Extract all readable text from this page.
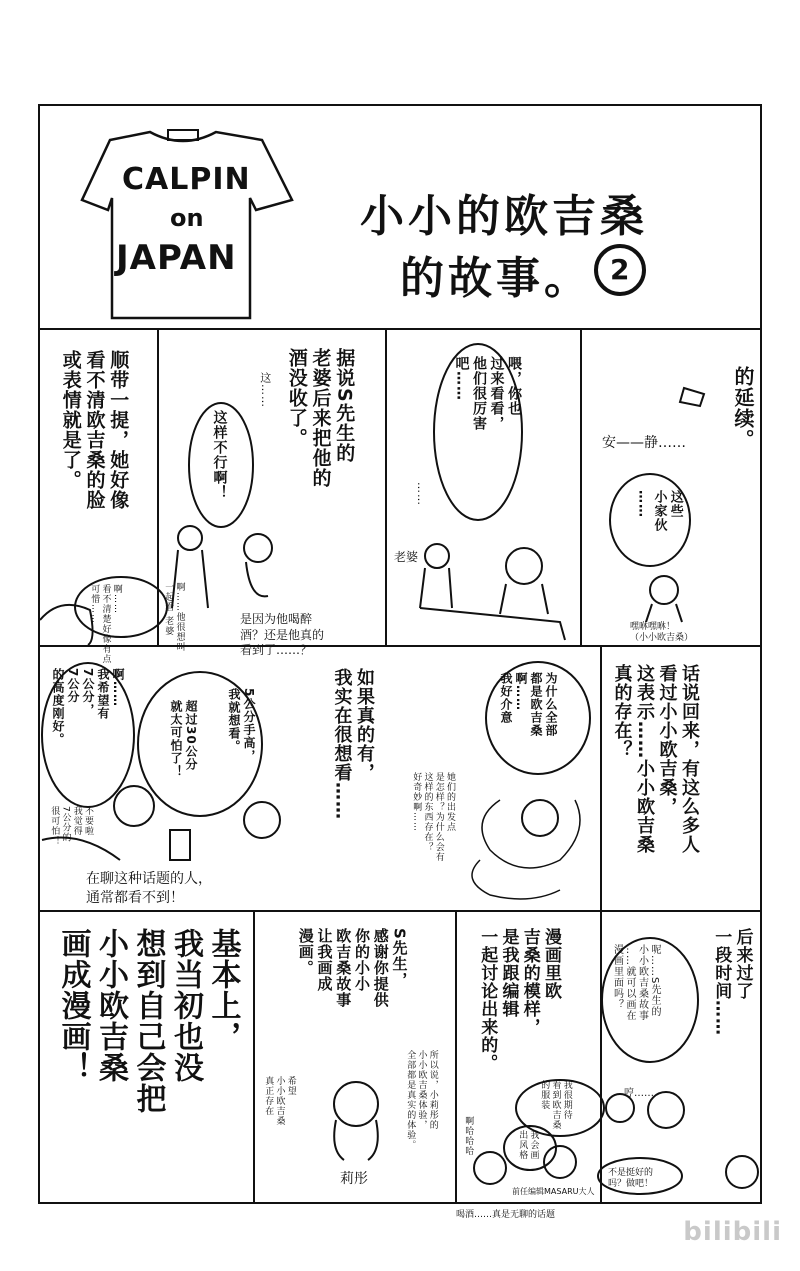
CALPIN
on
JAPAN
小小的欧吉桑
的故事。 2
顺带一提，她好像
看不清欧吉桑的脸
或表情就是了。
啊……
看不清楚好像有点
可惜……
据说S先生的
老婆后来把他的
酒没收了。
这样不行啊！
这……
啊……他很想叫
一起看 老婆	是因为他喝醉
酒？还是他真的
看到了……？
喂，你也
过来看看，
他们很厉害
吧……
……
老婆
的延续。
安——静……
这些
小家伙
……
嘿咻嘿咻！
（小小欧吉桑）
啊……
我希望有
7公分，
7公分
的高度刚好。
不要啦
我觉得
7公分的
很可怕！
5公分手高，
我就想看。
超过30公分
就太可怕了！	如果真的有，
我实在很想看……
在聊这种话题的人，
通常都看不到！
为什么全部
都是欧吉桑
啊……
我好介意
她们的出发点
是怎样？为什么会有
这样的东西存在？
好奇妙啊……	话说回来，有这么多人
看过小小欧吉桑，
这表示……小小欧吉桑
真的存在？
基本上，
我当初也没
想到自己会把
小小欧吉桑
画成漫画！	S先生，
感谢你提供
你的小小
欧吉桑故事
让我画成
漫画。
所以说，小莉彤的
小小欧吉桑体验，
全部都是真实的体验。
希望
小小欧吉桑
真正存在
莉彤
漫画里欧
吉桑的模样，
是我跟编辑
一起讨论出来的。
我很期待
看到欧吉桑
的服装
我会画
出风格
啊哈哈哈
前任编辑MASARU大人
喝酒……真是无聊的话题
后来过了
一段时间……
呢……S先生的
小小欧吉桑故事
……就可以画在
漫画里面吗？
哼……
不是挺好的
吗？做吧！
bilibili
